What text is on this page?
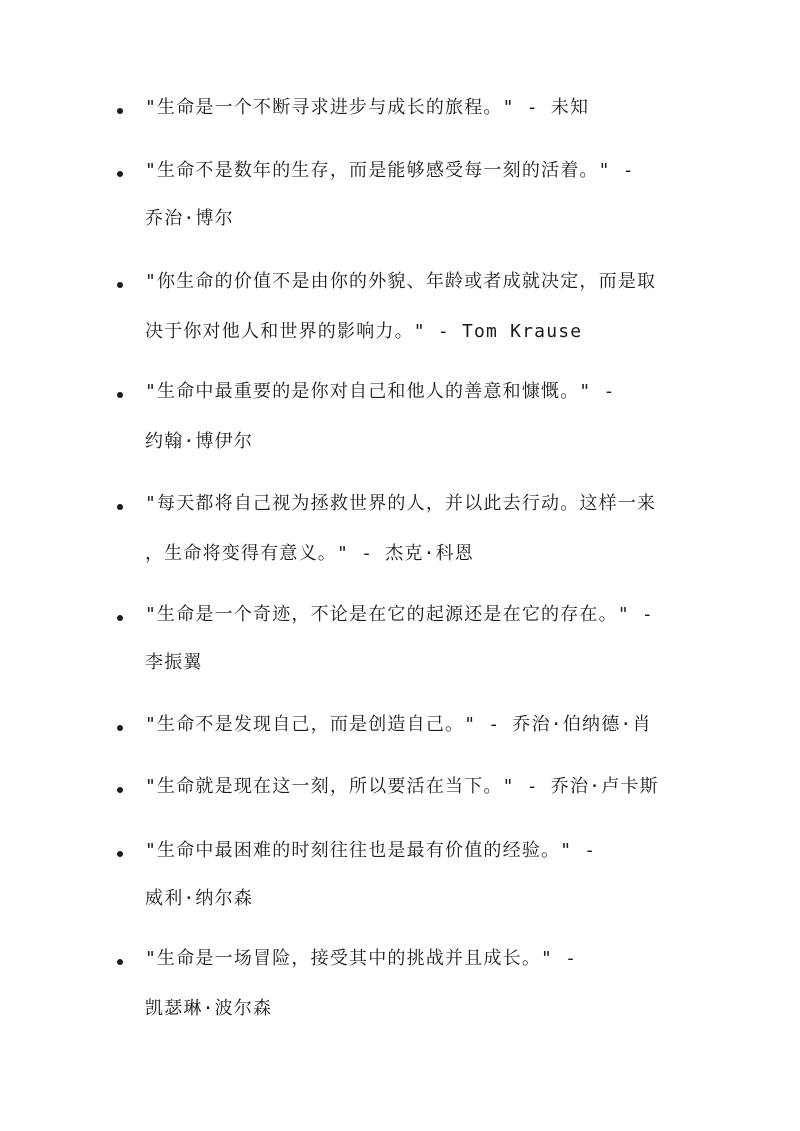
"生命是一个不断寻求进步与成长的旅程。" - 未知
"生命不是数年的生存，而是能够感受每一刻的活着。" -
乔治·博尔
"你生命的价值不是由你的外貌、年龄或者成就决定，而是取
决于你对他人和世界的影响力。" - Tom Krause
"生命中最重要的是你对自己和他人的善意和慷慨。" -
约翰·博伊尔
"每天都将自己视为拯救世界的人，并以此去行动。这样一来
，生命将变得有意义。" - 杰克·科恩
"生命是一个奇迹，不论是在它的起源还是在它的存在。" -
李振翼
"生命不是发现自己，而是创造自己。" - 乔治·伯纳德·肖
"生命就是现在这一刻，所以要活在当下。" - 乔治·卢卡斯
"生命中最困难的时刻往往也是最有价值的经验。" -
威利·纳尔森
"生命是一场冒险，接受其中的挑战并且成长。" -
凯瑟琳·波尔森
